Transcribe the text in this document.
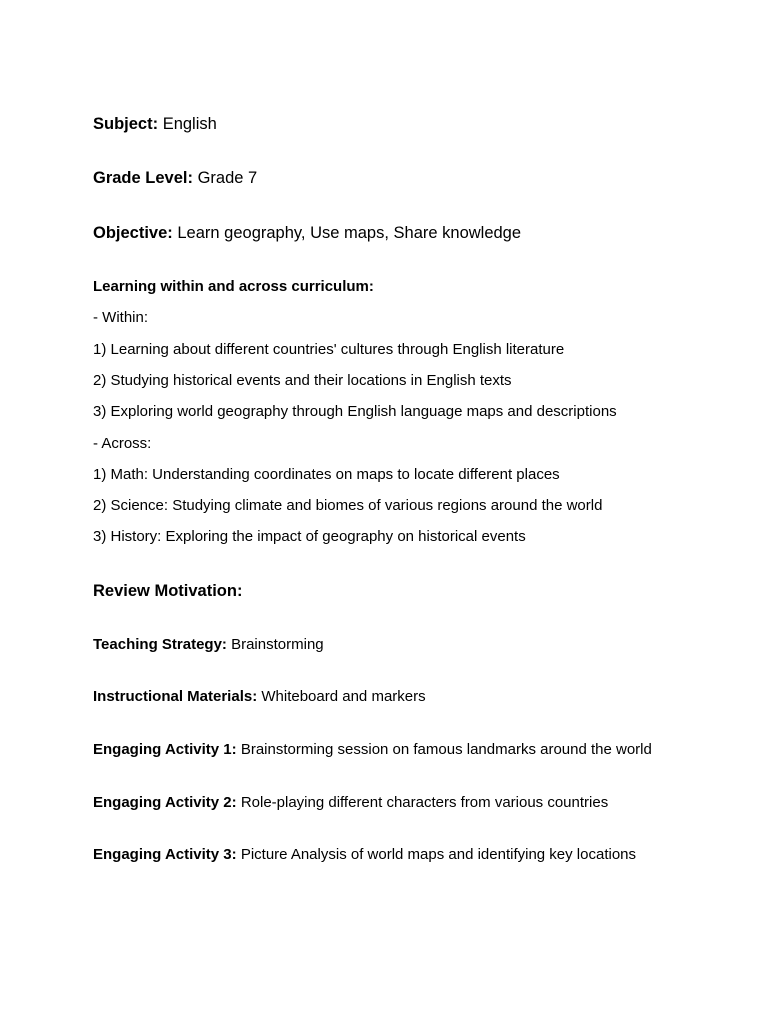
Subject: English
Grade Level: Grade 7
Objective: Learn geography, Use maps, Share knowledge
Learning within and across curriculum:
- Within:
1) Learning about different countries' cultures through English literature
2) Studying historical events and their locations in English texts
3) Exploring world geography through English language maps and descriptions
- Across:
1) Math: Understanding coordinates on maps to locate different places
2) Science: Studying climate and biomes of various regions around the world
3) History: Exploring the impact of geography on historical events
Review Motivation:
Teaching Strategy: Brainstorming
Instructional Materials: Whiteboard and markers
Engaging Activity 1: Brainstorming session on famous landmarks around the world
Engaging Activity 2: Role-playing different characters from various countries
Engaging Activity 3: Picture Analysis of world maps and identifying key locations
